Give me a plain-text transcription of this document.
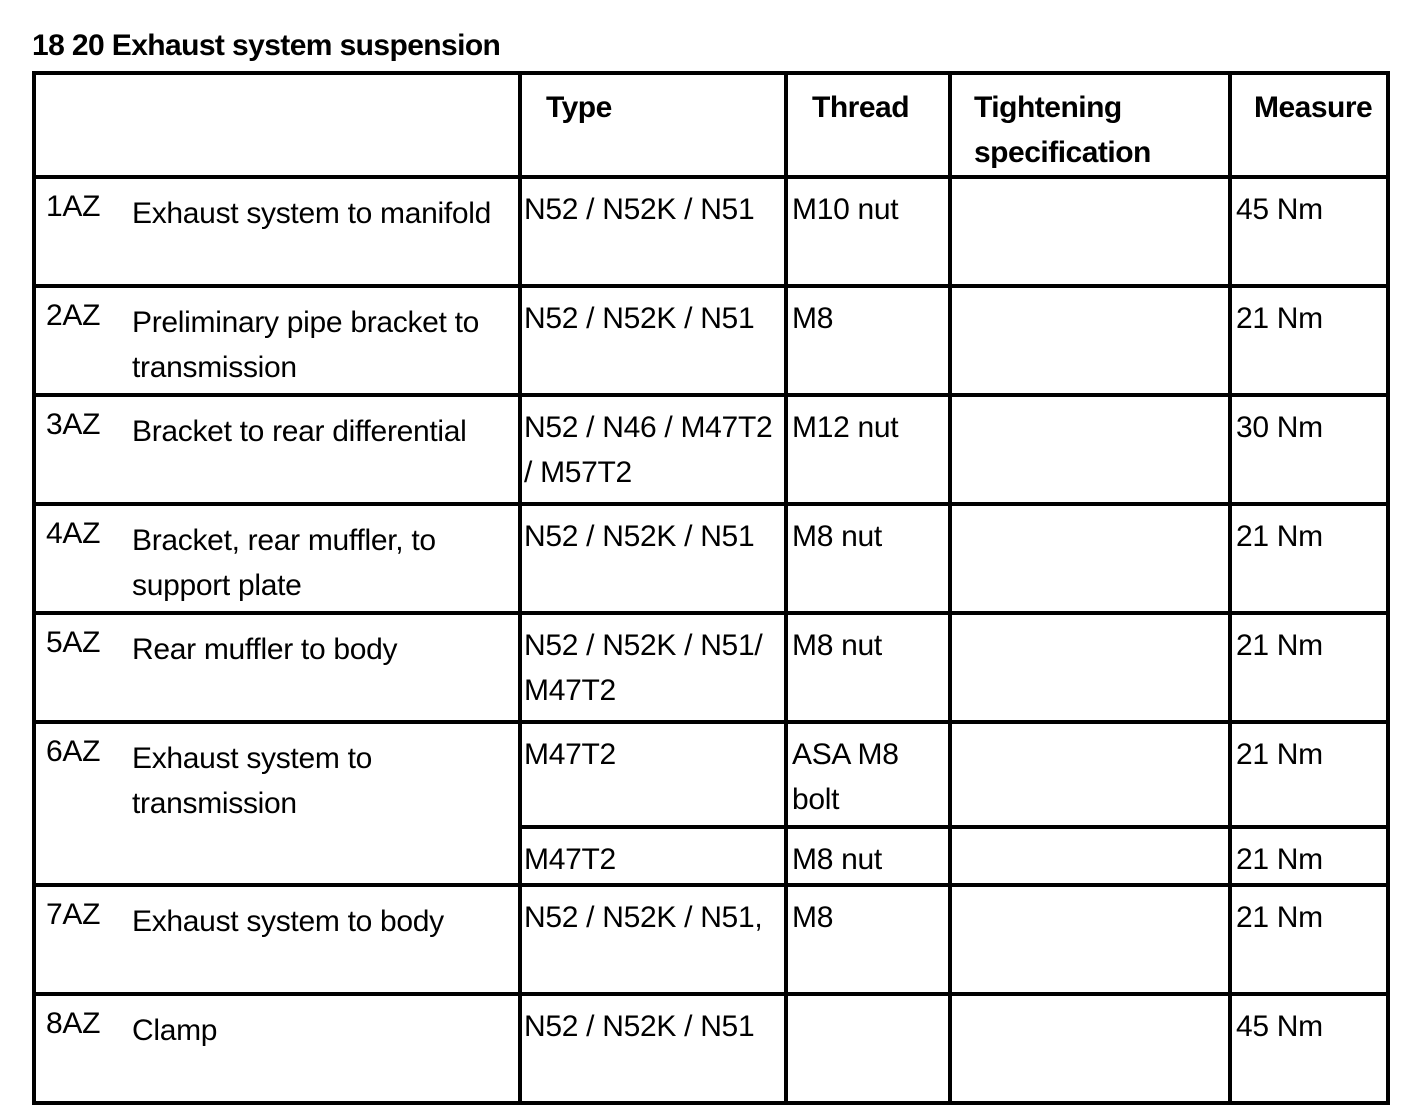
18 20 Exhaust system suspension
	Type	Thread	Tightening specification	Measure

1AZ Exhaust system to manifold	N52 / N52K / N51	M10 nut		45 Nm

2AZ Preliminary pipe bracket to transmission	N52 / N52K / N51	M8		21 Nm

3AZ Bracket to rear differential	N52 / N46 / M47T2 / M57T2	M12 nut		30 Nm

4AZ Bracket, rear muffler, to support plate	N52 / N52K / N51	M8 nut		21 Nm

5AZ Rear muffler to body	N52 / N52K / N51/ M47T2	M8 nut		21 Nm

6AZ Exhaust system to transmission	M47T2	ASA M8 bolt		21 Nm
	M47T2	M8 nut		21 Nm

7AZ Exhaust system to body	N52 / N52K / N51,	M8		21 Nm

8AZ Clamp	N52 / N52K / N51			45 Nm
